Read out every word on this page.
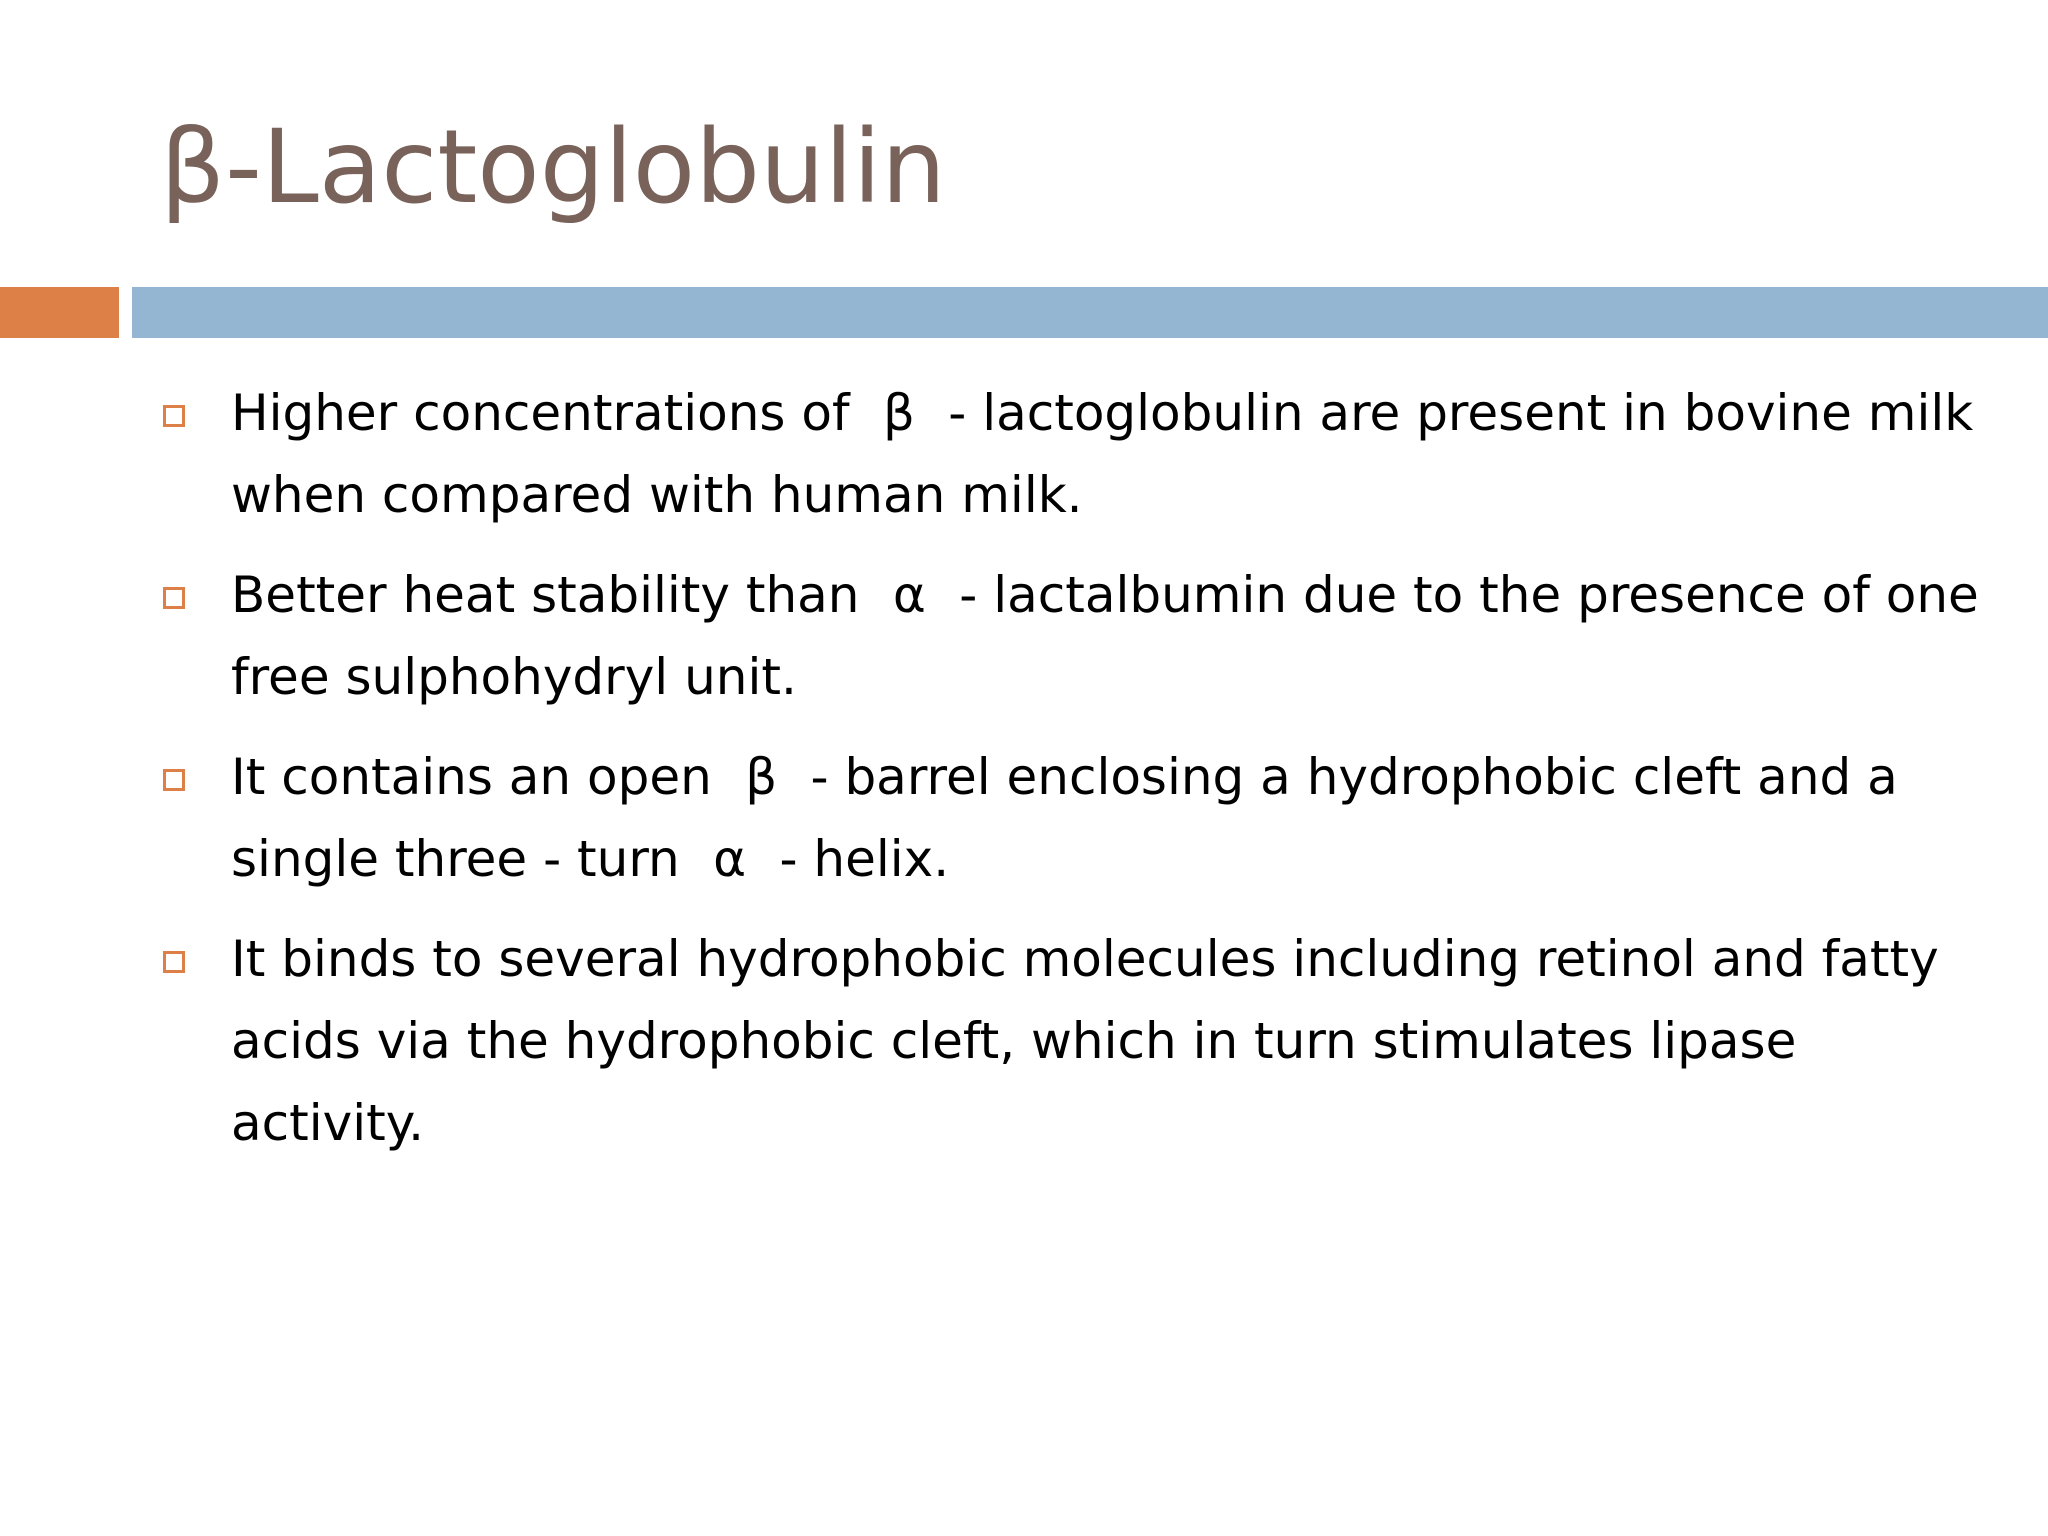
β-Lactoglobulin
Higher concentrations of β - lactoglobulin are present in bovine milk when compared with human milk.
Better heat stability than α - lactalbumin due to the presence of one free sulphohydryl unit.
It contains an open β - barrel enclosing a hydrophobic cleft and a single three - turn α - helix.
It binds to several hydrophobic molecules including retinol and fatty acids via the hydrophobic cleft, which in turn stimulates lipase activity.
